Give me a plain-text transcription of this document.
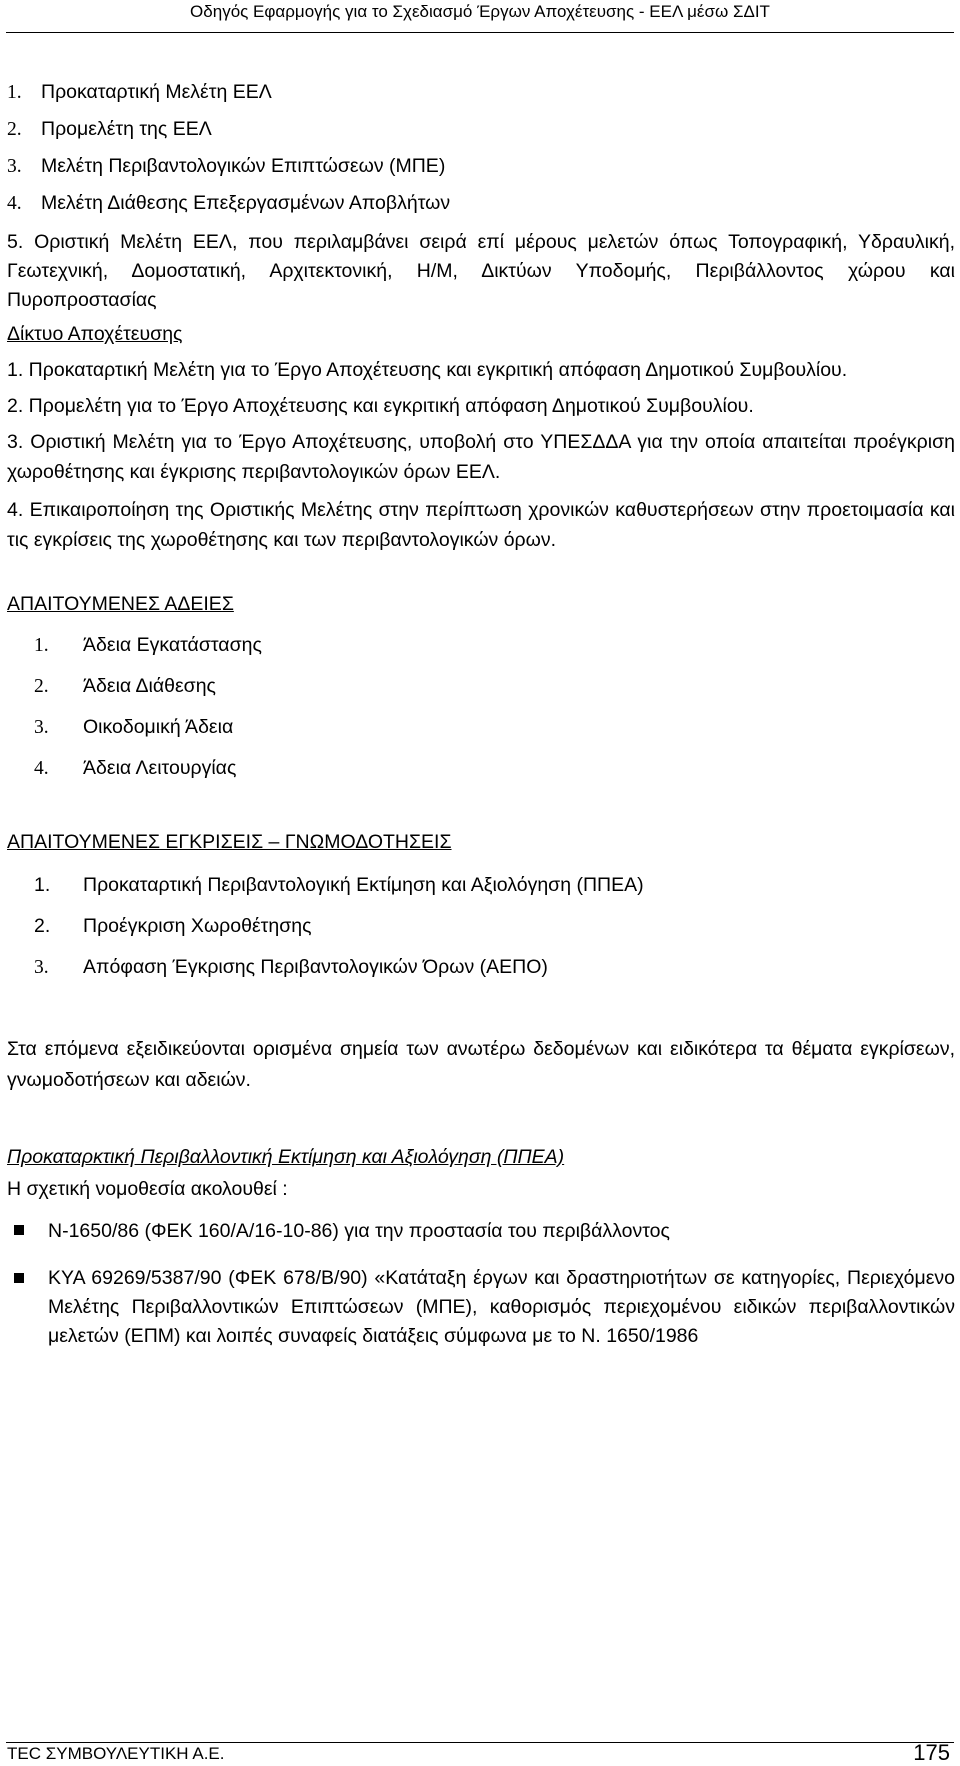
Οδηγός Εφαρμογής για το Σχεδιασμό Έργων Αποχέτευσης - ΕΕΛ μέσω ΣΔΙΤ
1. Προκαταρτική Μελέτη ΕΕΛ
2. Προμελέτη της ΕΕΛ
3. Μελέτη Περιβαντολογικών Επιπτώσεων (ΜΠΕ)
4. Μελέτη Διάθεσης Επεξεργασμένων Αποβλήτων
5. Οριστική Μελέτη ΕΕΛ, που περιλαμβάνει σειρά επί μέρους μελετών όπως Τοπογραφική, Υδραυλική, Γεωτεχνική, Δομοστατική, Αρχιτεκτονική, Η/Μ, Δικτύων Υποδομής, Περιβάλλοντος χώρου και Πυροπροστασίας
Δίκτυο Αποχέτευσης
1. Προκαταρτική Μελέτη για το Έργο Αποχέτευσης και εγκριτική απόφαση Δημοτικού Συμβουλίου.
2. Προμελέτη για το Έργο Αποχέτευσης και εγκριτική απόφαση Δημοτικού Συμβουλίου.
3. Οριστική Μελέτη για το Έργο Αποχέτευσης, υποβολή στο ΥΠΕΣΔΔΑ για την οποία απαιτείται προέγκριση χωροθέτησης και έγκρισης περιβαντολογικών όρων ΕΕΛ.
4. Επικαιροποίηση της Οριστικής Μελέτης στην περίπτωση χρονικών καθυστερήσεων στην προετοιμασία και τις εγκρίσεις της χωροθέτησης και των περιβαντολογικών όρων.
ΑΠΑΙΤΟΥΜΕΝΕΣ ΑΔΕΙΕΣ
1.	Άδεια Εγκατάστασης
2.	Άδεια Διάθεσης
3.	Οικοδομική Άδεια
4.	Άδεια Λειτουργίας
ΑΠΑΙΤΟΥΜΕΝΕΣ ΕΓΚΡΙΣΕΙΣ – ΓΝΩΜΟΔΟΤΗΣΕΙΣ
1.	Προκαταρτική Περιβαντολογική Εκτίμηση και Αξιολόγηση (ΠΠΕΑ)
2.	Προέγκριση Χωροθέτησης
3.	Απόφαση Έγκρισης Περιβαντολογικών Όρων (ΑΕΠΟ)

Στα επόμενα εξειδικεύονται ορισμένα σημεία των ανωτέρω δεδομένων και ειδικότερα τα θέματα εγκρίσεων, γνωμοδοτήσεων και αδειών.

Προκαταρκτική Περιβαλλοντική Εκτίμηση και Αξιολόγηση (ΠΠΕΑ)
Η σχετική νομοθεσία ακολουθεί :
Ν-1650/86 (ΦΕΚ 160/Α/16-10-86) για την προστασία του περιβάλλοντος
ΚΥΑ 69269/5387/90 (ΦΕΚ 678/Β/90) «Κατάταξη έργων και δραστηριοτήτων σε κατηγορίες, Περιεχόμενο Μελέτης Περιβαλλοντικών Επιπτώσεων (ΜΠΕ), καθορισμός περιεχομένου ειδικών περιβαλλοντικών μελετών (ΕΠΜ) και λοιπές συναφείς διατάξεις σύμφωνα με το Ν. 1650/1986
ΤΕC ΣΥΜΒΟΥΛΕΥΤΙΚΗ Α.Ε.	175
